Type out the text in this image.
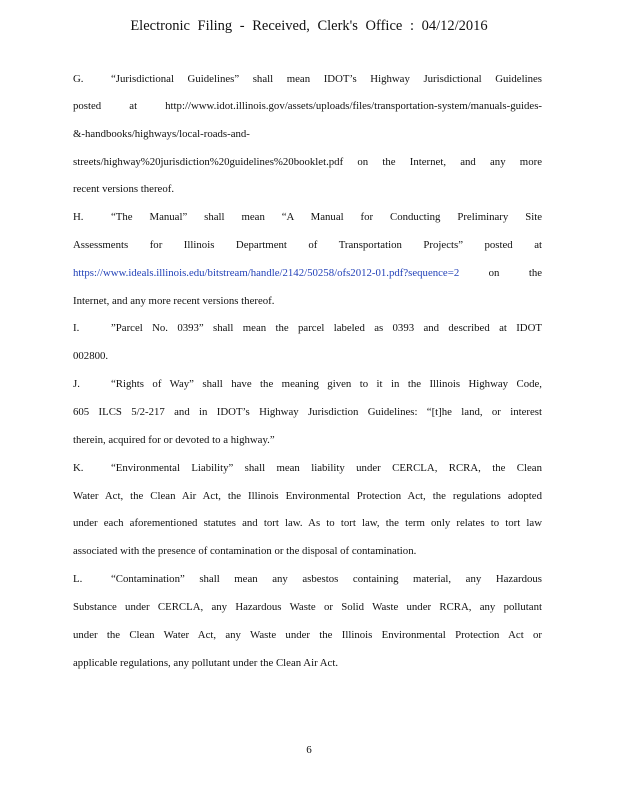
Electronic Filing - Received, Clerk's Office : 04/12/2016
G.	“Jurisdictional Guidelines” shall mean IDOT’s Highway Jurisdictional Guidelines
posted at http://www.idot.illinois.gov/assets/uploads/files/transportation-system/manuals-guides-
&-handbooks/highways/local-roads-and-
streets/highway%20jurisdiction%20guidelines%20booklet.pdf on the Internet, and any more
recent versions thereof.
H.	“The Manual” shall mean “A Manual for Conducting Preliminary Site
Assessments for Illinois Department of Transportation Projects” posted at
https://www.ideals.illinois.edu/bitstream/handle/2142/50258/ofs2012-01.pdf?sequence=2	on the
Internet, and any more recent versions thereof.
I.	”Parcel No. 0393” shall mean the parcel labeled as 0393 and described at IDOT
002800.
J.	“Rights of Way” shall have the meaning given to it in the Illinois Highway Code,
605 ILCS 5/2-217 and in IDOT’s Highway Jurisdiction Guidelines: “[t]he land, or interest
therein, acquired for or devoted to a highway.”
K.	“Environmental Liability” shall mean liability under CERCLA, RCRA, the Clean
Water Act, the Clean Air Act, the Illinois Environmental Protection Act, the regulations adopted
under each aforementioned statutes and tort law. As to tort law, the term only relates to tort law
associated with the presence of contamination or the disposal of contamination.
L.	“Contamination” shall mean any asbestos containing material, any Hazardous
Substance under CERCLA, any Hazardous Waste or Solid Waste under RCRA, any pollutant
under the Clean Water Act, any Waste under the Illinois Environmental Protection Act or
applicable regulations, any pollutant under the Clean Air Act.
6
